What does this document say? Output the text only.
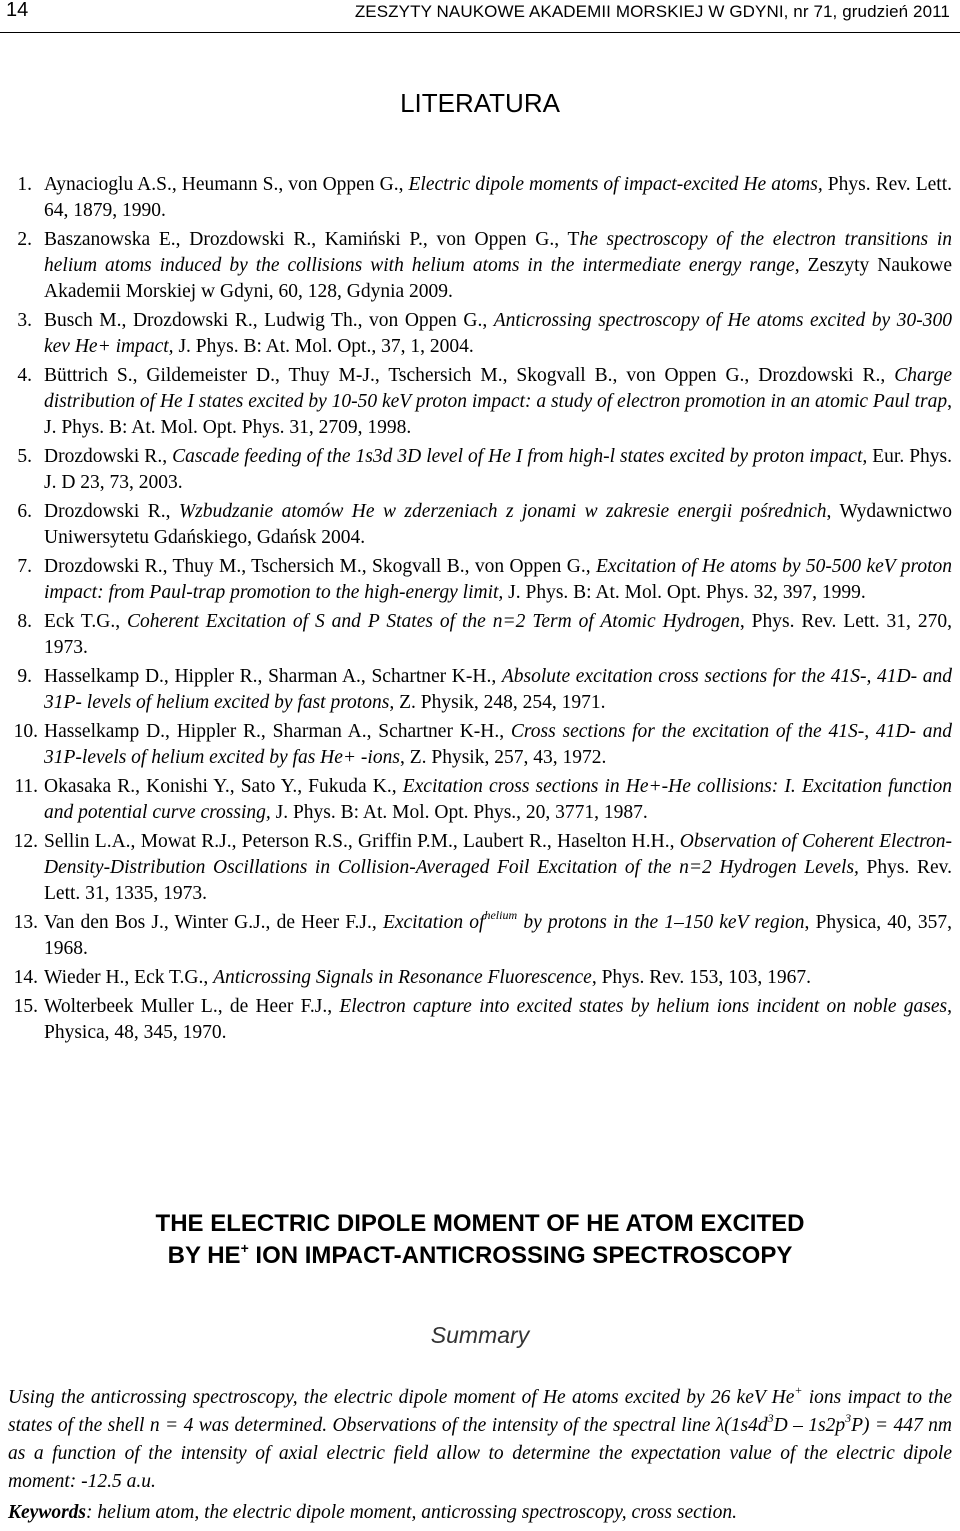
14	ZESZYTY NAUKOWE AKADEMII MORSKIEJ W GDYNI, nr 71, grudzień 2011
LITERATURA
1. Aynacioglu A.S., Heumann S., von Oppen G., Electric dipole moments of impact-excited He atoms, Phys. Rev. Lett. 64, 1879, 1990.
2. Baszanowska E., Drozdowski R., Kamiński P., von Oppen G., The spectroscopy of the electron transitions in helium atoms induced by the collisions with helium atoms in the intermediate energy range, Zeszyty Naukowe Akademii Morskiej w Gdyni, 60, 128, Gdynia 2009.
3. Busch M., Drozdowski R., Ludwig Th., von Oppen G., Anticrossing spectroscopy of He atoms excited by 30-300 kev He+ impact, J. Phys. B: At. Mol. Opt., 37, 1, 2004.
4. Büttrich S., Gildemeister D., Thuy M-J., Tschersich M., Skogvall B., von Oppen G., Drozdowski R., Charge distribution of He I states excited by 10-50 keV proton impact: a study of electron promotion in an atomic Paul trap, J. Phys. B: At. Mol. Opt. Phys. 31, 2709, 1998.
5. Drozdowski R., Cascade feeding of the 1s3d 3D level of He I from high-l states excited by proton impact, Eur. Phys. J. D 23, 73, 2003.
6. Drozdowski R., Wzbudzanie atomów He w zderzeniach z jonami w zakresie energii pośrednich, Wydawnictwo Uniwersytetu Gdańskiego, Gdańsk 2004.
7. Drozdowski R., Thuy M., Tschersich M., Skogvall B., von Oppen G., Excitation of He atoms by 50-500 keV proton impact: from Paul-trap promotion to the high-energy limit, J. Phys. B: At. Mol. Opt. Phys. 32, 397, 1999.
8. Eck T.G., Coherent Excitation of S and P States of the n=2 Term of Atomic Hydrogen, Phys. Rev. Lett. 31, 270, 1973.
9. Hasselkamp D., Hippler R., Sharman A., Schartner K-H., Absolute excitation cross sections for the 41S-, 41D- and 31P- levels of helium excited by fast protons, Z. Physik, 248, 254, 1971.
10. Hasselkamp D., Hippler R., Sharman A., Schartner K-H., Cross sections for the excitation of the 41S-, 41D- and 31P-levels of helium excited by fas He+ -ions, Z. Physik, 257, 43, 1972.
11. Okasaka R., Konishi Y., Sato Y., Fukuda K., Excitation cross sections in He+-He collisions: I. Excitation function and potential curve crossing, J. Phys. B: At. Mol. Opt. Phys., 20, 3771, 1987.
12. Sellin L.A., Mowat R.J., Peterson R.S., Griffin P.M., Laubert R., Haselton H.H., Observation of Coherent Electron-Density-Distribution Oscillations in Collision-Averaged Foil Excitation of the n=2 Hydrogen Levels, Phys. Rev. Lett. 31, 1335, 1973.
13. Van den Bos J., Winter G.J., de Heer F.J., Excitation $of^{helium}$ by protons in the 1–150 keV region, Physica, 40, 357, 1968.
14. Wieder H., Eck T.G., Anticrossing Signals in Resonance Fluorescence, Phys. Rev. 153, 103, 1967.
15. Wolterbeek Muller L., de Heer F.J., Electron capture into excited states by helium ions incident on noble gases, Physica, 48, 345, 1970.
THE ELECTRIC DIPOLE MOMENT OF HE ATOM EXCITED
BY HE+ ION IMPACT-ANTICROSSING SPECTROSCOPY
Summary
Using the anticrossing spectroscopy, the electric dipole moment of He atoms excited by 26 keV He+ ions impact to the states of the shell n = 4 was determined. Observations of the intensity of the spectral line $\lambda(1s4d^3D - 1s2p^3P) = 447$ nm as a function of the intensity of axial electric field allow to determine the expectation value of the electric dipole moment: -12.5 a.u.
Keywords: helium atom, the electric dipole moment, anticrossing spectroscopy, cross section.
